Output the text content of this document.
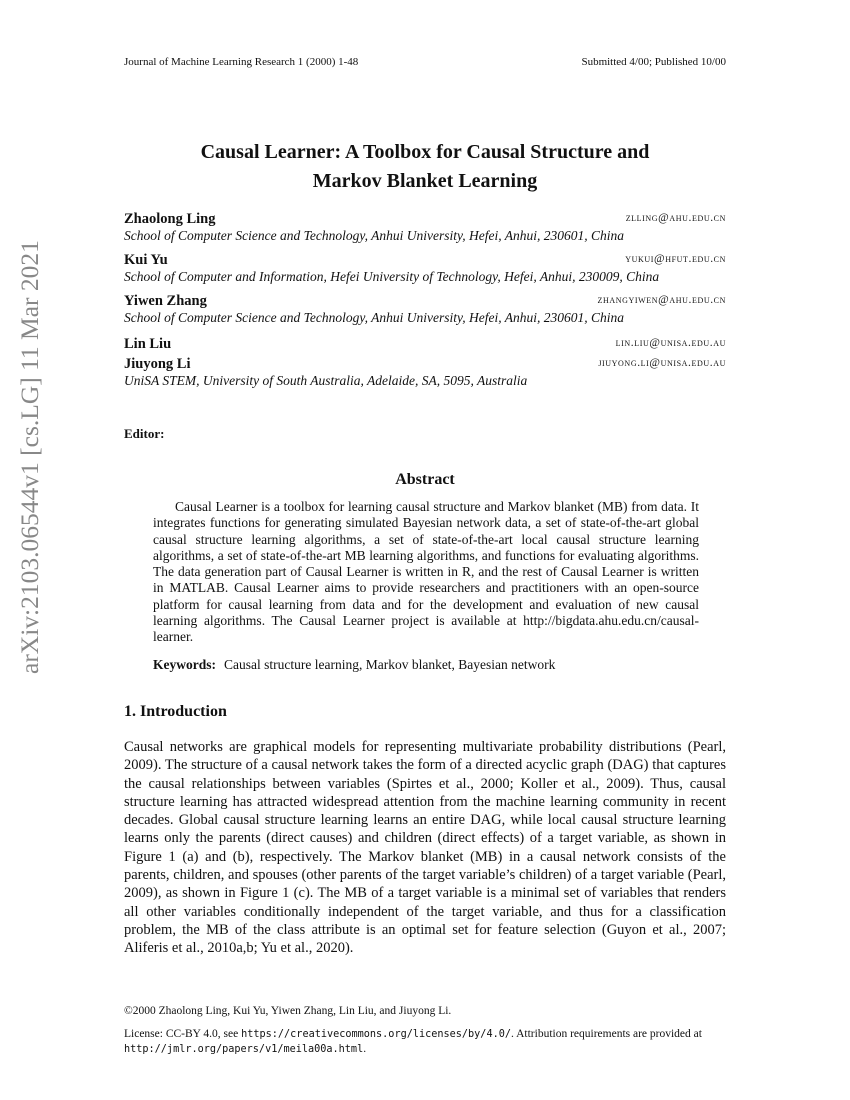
Journal of Machine Learning Research 1 (2000) 1-48	Submitted 4/00; Published 10/00
arXiv:2103.06544v1 [cs.LG] 11 Mar 2021
Causal Learner: A Toolbox for Causal Structure and
Markov Blanket Learning
Zhaolong Ling	zlling@ahu.edu.cn
School of Computer Science and Technology, Anhui University, Hefei, Anhui, 230601, China
Kui Yu	yukui@hfut.edu.cn
School of Computer and Information, Hefei University of Technology, Hefei, Anhui, 230009, China
Yiwen Zhang	zhangyiwen@ahu.edu.cn
School of Computer Science and Technology, Anhui University, Hefei, Anhui, 230601, China
Lin Liu	lin.liu@unisa.edu.au
Jiuyong Li	jiuyong.li@unisa.edu.au
UniSA STEM, University of South Australia, Adelaide, SA, 5095, Australia
Editor:
Abstract
Causal Learner is a toolbox for learning causal structure and Markov blanket (MB) from data. It integrates functions for generating simulated Bayesian network data, a set of state-of-the-art global causal structure learning algorithms, a set of state-of-the-art local causal structure learning algorithms, a set of state-of-the-art MB learning algorithms, and functions for evaluating algorithms. The data generation part of Causal Learner is written in R, and the rest of Causal Learner is written in MATLAB. Causal Learner aims to provide researchers and practitioners with an open-source platform for causal learning from data and for the development and evaluation of new causal learning algorithms. The Causal Learner project is available at http://bigdata.ahu.edu.cn/causal-learner.
Keywords: Causal structure learning, Markov blanket, Bayesian network
1. Introduction
Causal networks are graphical models for representing multivariate probability distributions (Pearl, 2009). The structure of a causal network takes the form of a directed acyclic graph (DAG) that captures the causal relationships between variables (Spirtes et al., 2000; Koller et al., 2009). Thus, causal structure learning has attracted widespread attention from the machine learning community in recent decades. Global causal structure learning learns an entire DAG, while local causal structure learning learns only the parents (direct causes) and children (direct effects) of a target variable, as shown in Figure 1 (a) and (b), respectively. The Markov blanket (MB) in a causal network consists of the parents, children, and spouses (other parents of the target variable’s children) of a target variable (Pearl, 2009), as shown in Figure 1 (c). The MB of a target variable is a minimal set of variables that renders all other variables conditionally independent of the target variable, and thus for a classification problem, the MB of the class attribute is an optimal set for feature selection (Guyon et al., 2007; Aliferis et al., 2010a,b; Yu et al., 2020).
©2000 Zhaolong Ling, Kui Yu, Yiwen Zhang, Lin Liu, and Jiuyong Li.
License: CC-BY 4.0, see https://creativecommons.org/licenses/by/4.0/. Attribution requirements are provided at http://jmlr.org/papers/v1/meila00a.html.
